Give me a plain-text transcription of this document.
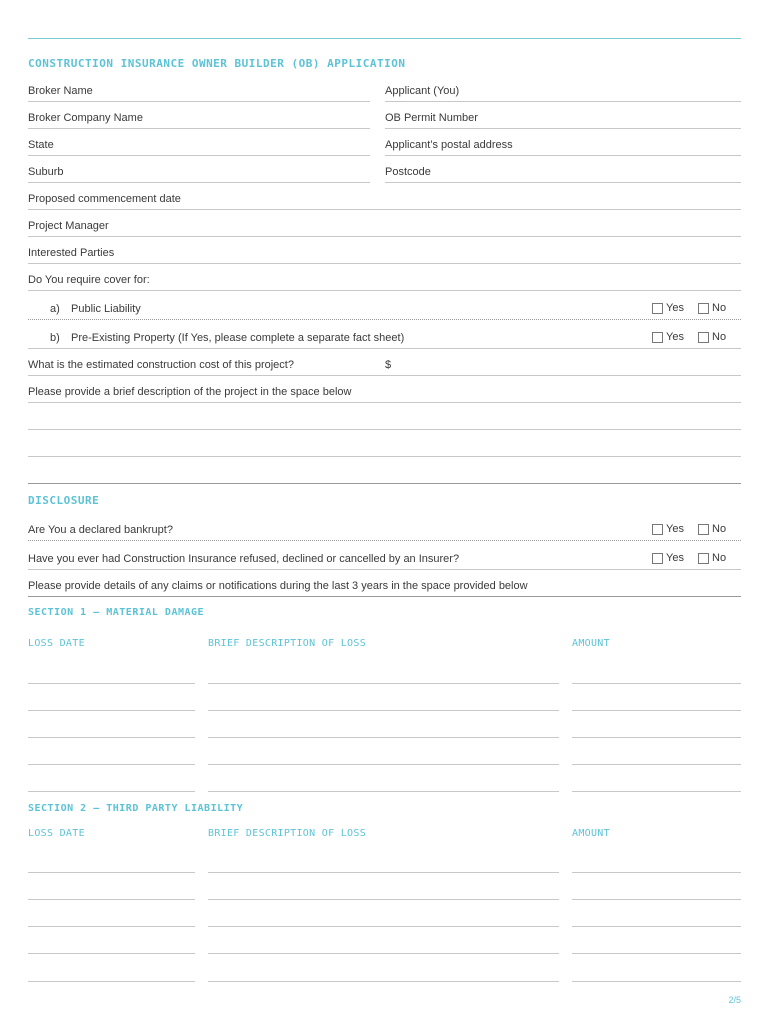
CONSTRUCTION INSURANCE OWNER BUILDER (OB) APPLICATION
Broker Name	Applicant (You)
Broker Company Name	OB Permit Number
State	Applicant’s postal address
Suburb	Postcode
Proposed commencement date
Project Manager
Interested Parties
Do You require cover for:
a) Public Liability	Yes	No
b) Pre-Existing Property (If Yes, please complete a separate fact sheet)	Yes	No
What is the estimated construction cost of this project?	$
Please provide a brief description of the project in the space below
DISCLOSURE
Are You a declared bankrupt?	Yes	No
Have you ever had Construction Insurance refused, declined or cancelled by an Insurer?	Yes	No
Please provide details of any claims or notifications during the last 3 years in the space provided below
SECTION 1 — MATERIAL DAMAGE
LOSS DATE	BRIEF DESCRIPTION OF LOSS	AMOUNT
SECTION 2 — THIRD PARTY LIABILITY
LOSS DATE	BRIEF DESCRIPTION OF LOSS	AMOUNT
2/5
